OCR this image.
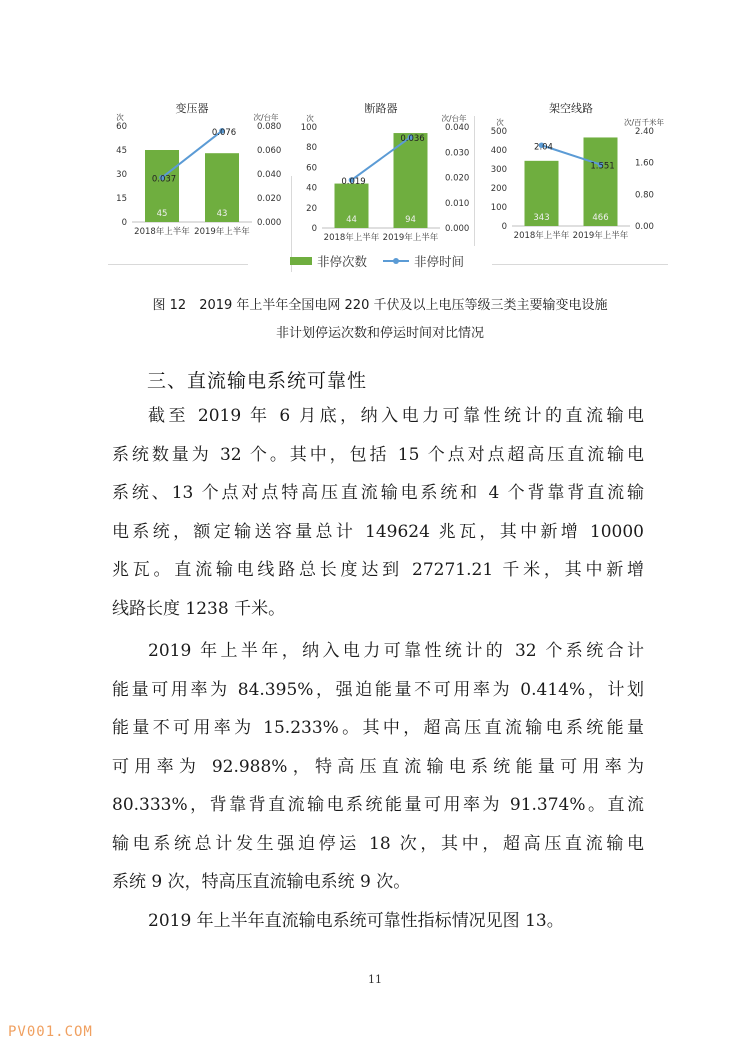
变压器
次	次/台年
0
15
30
45
60
0.000
0.020
0.040
0.060
0.080
45
2018年上半年
43
2019年上半年
0.037
0.076
断路器
次	次/台年
0
20
40
60
80
100
0.000
0.010
0.020
0.030
0.040
44
2018年上半年
94
2019年上半年
0.019
0.036
架空线路
次	次/百千米年
0
100
200
300
400
500
0.00
0.80
1.60
2.40
343
2018年上半年
466
2019年上半年
2.04
1.551
非停次数	非停时间
图 12　2019 年上半年全国电网 220 千伏及以上电压等级三类主要输变电设施
非计划停运次数和停运时间对比情况
三、直流输电系统可靠性
截至 2019 年 6 月底，纳入电力可靠性统计的直流输电
系统数量为 32 个。其中，包括 15 个点对点超高压直流输电
系统、13 个点对点特高压直流输电系统和 4 个背靠背直流输
电系统，额定输送容量总计 149624 兆瓦，其中新增 10000
兆瓦。直流输电线路总长度达到 27271.21 千米，其中新增
线路长度 1238 千米。
2019 年上半年，纳入电力可靠性统计的 32 个系统合计
能量可用率为 84.395%，强迫能量不可用率为 0.414%，计划
能量不可用率为 15.233%。其中，超高压直流输电系统能量
可用率为 92.988%，特高压直流输电系统能量可用率为
80.333%，背靠背直流输电系统能量可用率为 91.374%。直流
输电系统总计发生强迫停运 18 次，其中，超高压直流输电
系统 9 次，特高压直流输电系统 9 次。
2019 年上半年直流输电系统可靠性指标情况见图 13。
11
PV001.COM
